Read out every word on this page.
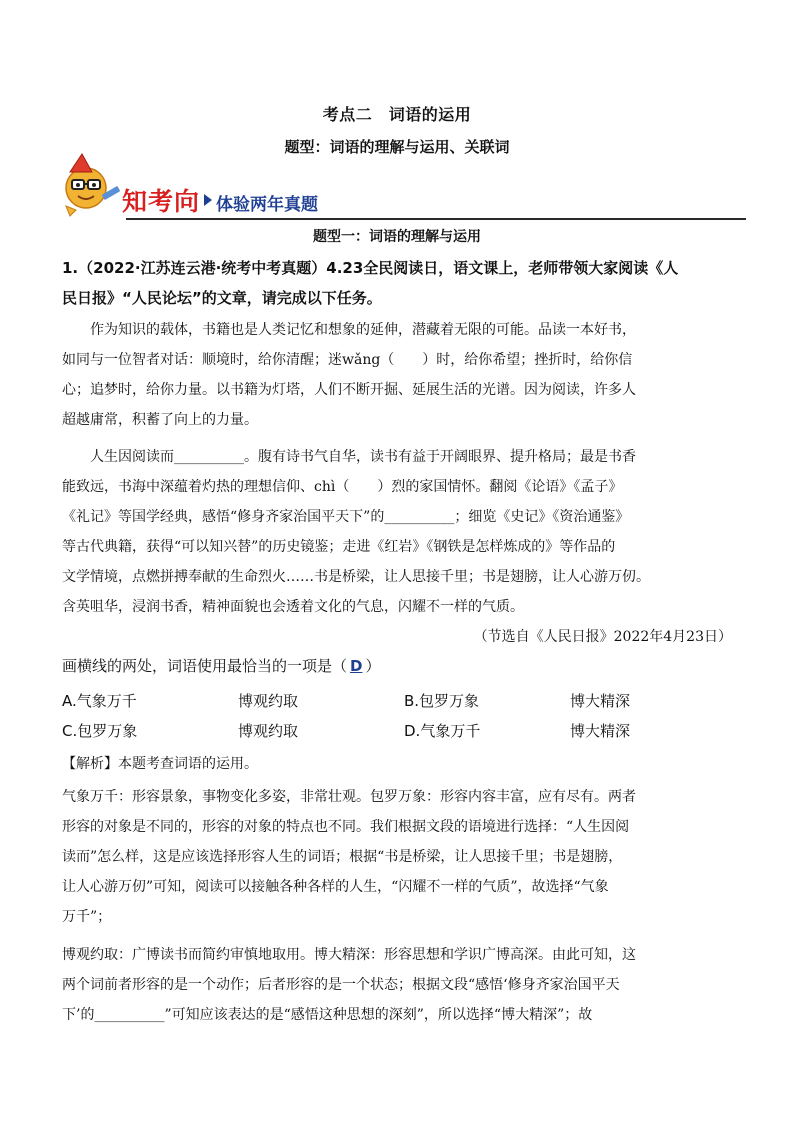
考点二　词语的运用
题型：词语的理解与运用、关联词
知考向 体验两年真题
题型一：词语的理解与运用
1.（2022·江苏连云港·统考中考真题）4.23全民阅读日，语文课上，老师带领大家阅读《人
民日报》“人民论坛”的文章，请完成以下任务。
　　作为知识的载体，书籍也是人类记忆和想象的延伸，潜藏着无限的可能。品读一本好书，
如同与一位智者对话：顺境时，给你清醒；迷wǎng（　　）时，给你希望；挫折时，给你信
心；追梦时，给你力量。以书籍为灯塔，人们不断开掘、延展生活的光谱。因为阅读，许多人
超越庸常，积蓄了向上的力量。
　　人生因阅读而__________。腹有诗书气自华，读书有益于开阔眼界、提升格局；最是书香
能致远，书海中深蕴着灼热的理想信仰、chì（　　）烈的家国情怀。翻阅《论语》《孟子》
《礼记》等国学经典，感悟“修身齐家治国平天下”的__________；细览《史记》《资治通鉴》
等古代典籍，获得“可以知兴替”的历史镜鉴；走进《红岩》《钢铁是怎样炼成的》等作品的
文学情境，点燃拼搏奉献的生命烈火……书是桥梁，让人思接千里；书是翅膀，让人心游万仞。
含英咀华，浸润书香，精神面貌也会透着文化的气息，闪耀不一样的气质。
（节选自《人民日报》2022年4月23日）
画横线的两处，词语使用最恰当的一项是（ D ）
A.气象万千	博观约取	B.包罗万象	博大精深
C.包罗万象	博观约取	D.气象万千	博大精深
【解析】本题考查词语的运用。
气象万千：形容景象，事物变化多姿，非常壮观。包罗万象：形容内容丰富，应有尽有。两者
形容的对象是不同的，形容的对象的特点也不同。我们根据文段的语境进行选择：“人生因阅
读而”怎么样，这是应该选择形容人生的词语；根据“书是桥梁，让人思接千里；书是翅膀，
让人心游万仞”可知，阅读可以接触各种各样的人生，“闪耀不一样的气质”，故选择“气象
万千”；
博观约取：广博读书而简约审慎地取用。博大精深：形容思想和学识广博高深。由此可知，这
两个词前者形容的是一个动作；后者形容的是一个状态；根据文段“感悟‘修身齐家治国平天
下’的__________”可知应该表达的是“感悟这种思想的深刻”，所以选择“博大精深”；故
